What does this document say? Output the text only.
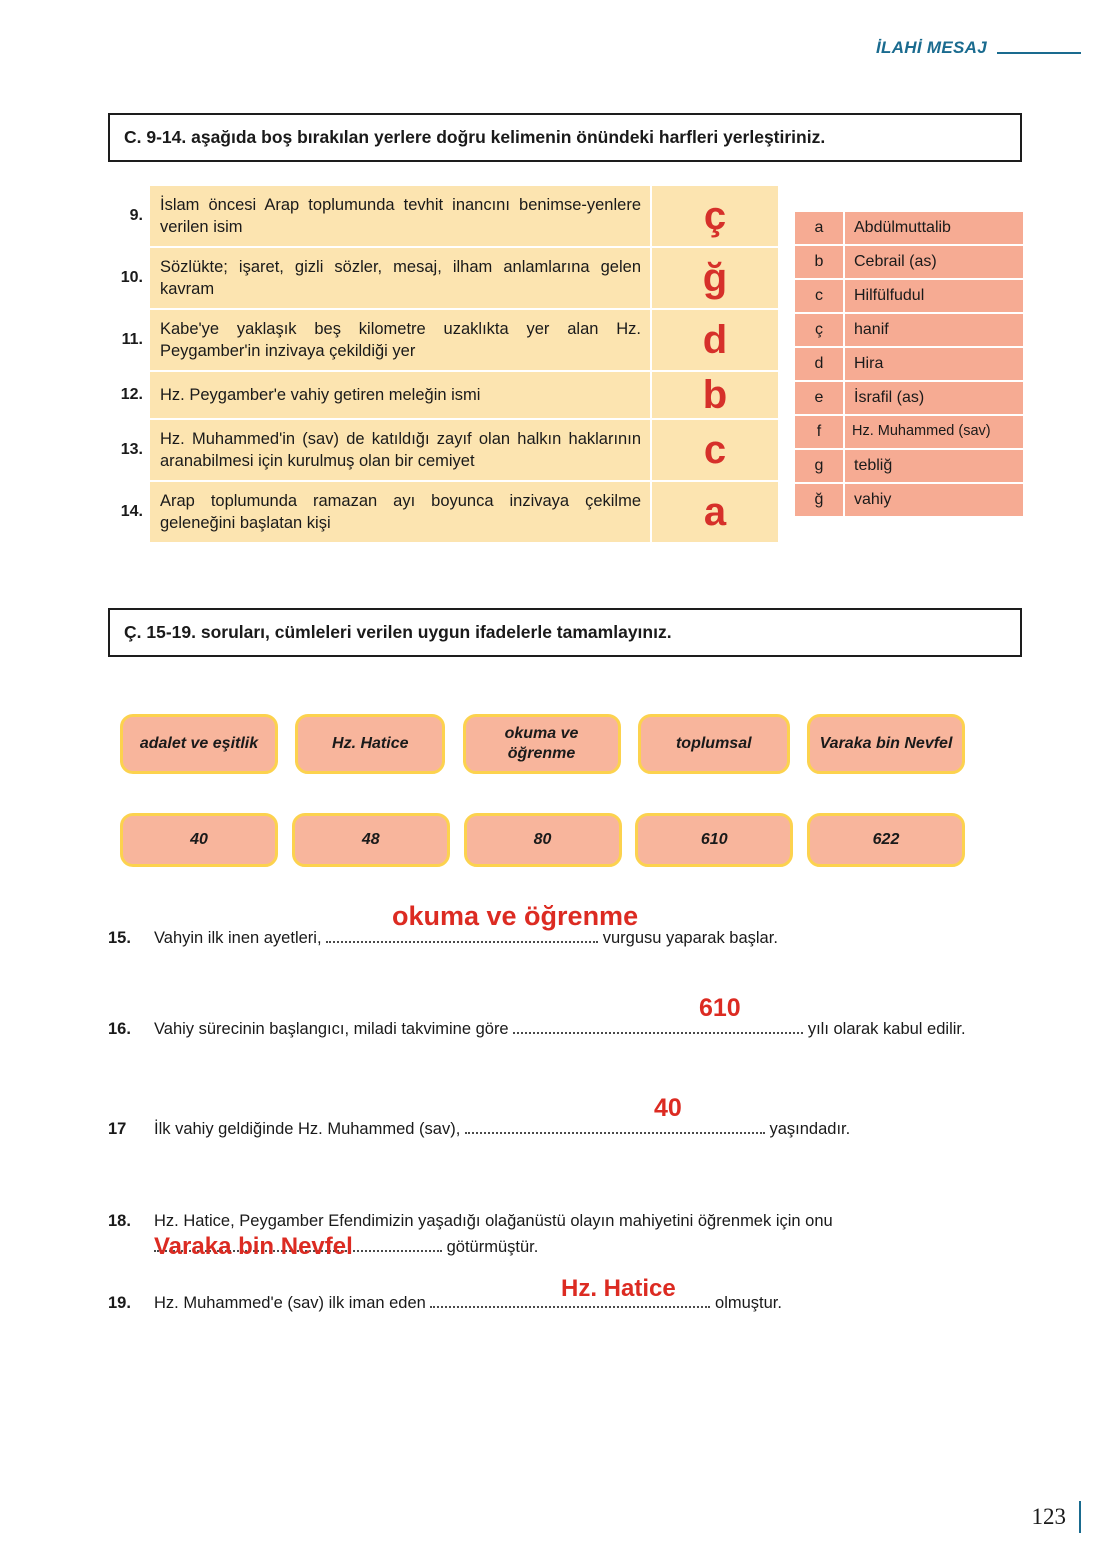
İLAHİ MESAJ
C. 9-14. aşağıda boş bırakılan yerlere doğru kelimenin önündeki harfleri yerleştiriniz.
9.
İslam öncesi Arap toplumunda tevhit inancını benimse-yenlere verilen isim	ç
10.
Sözlükte; işaret, gizli sözler, mesaj, ilham anlamlarına gelen kavram	ğ
11.
Kabe'ye yaklaşık beş kilometre uzaklıkta yer alan Hz. Peygamber'in inzivaya çekildiği yer	d
12.	Hz. Peygamber'e vahiy getiren meleğin ismi	b
13.
Hz. Muhammed'in (sav) de katıldığı zayıf olan halkın haklarının aranabilmesi için kurulmuş olan bir cemiyet	c
14.
Arap toplumunda ramazan ayı boyunca inzivaya çekilme geleneğini başlatan kişi	a
a	Abdülmuttalib
b	Cebrail (as)
c	Hilfülfudul
ç	hanif
d	Hira
e	İsrafil (as)
f	Hz. Muhammed (sav)
g	tebliğ
ğ	vahiy
Ç. 15-19. soruları, cümleleri verilen uygun ifadelerle tamamlayınız.
adalet ve eşitlik	Hz. Hatice
okuma ve öğrenme
toplumsal	Varaka bin Nevfel
40	48	80	610	622
15.	Vahyin ilk inen ayetleri,	vurgusu yaparak başlar.
okuma ve öğrenme
16.	Vahiy sürecinin başlangıcı, miladi takvimine göre	yılı olarak kabul edilir.
610
17	İlk vahiy geldiğinde Hz. Muhammed (sav),	yaşındadır.
40
18.	Hz. Hatice, Peygamber Efendimizin yaşadığı olağanüstü olayın mahiyetini öğrenmek için onu
götürmüştür.
Varaka bin Nevfel
19.	Hz. Muhammed'e (sav) ilk iman eden	olmuştur.
Hz. Hatice
123
